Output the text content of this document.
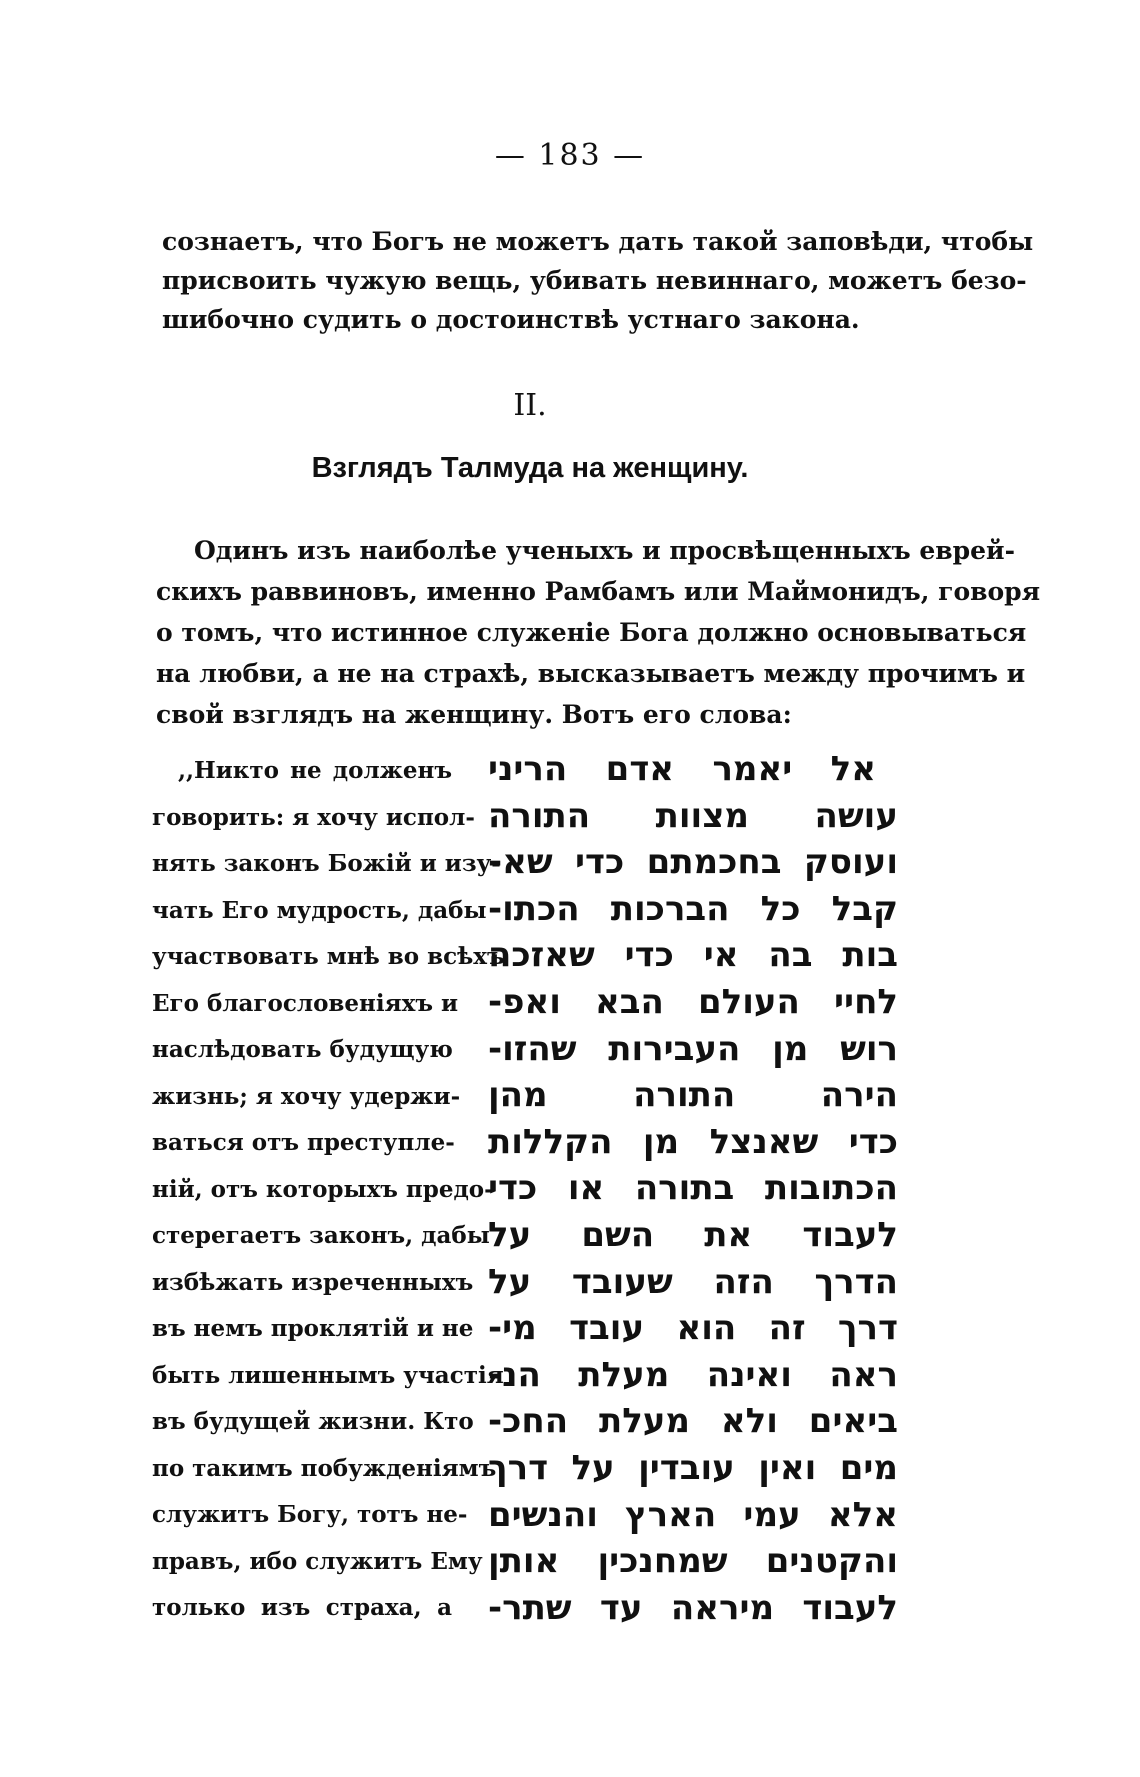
— 183 —
сознаетъ, что Богъ не можетъ дать такой заповѣди, чтобы
присвоить чужую вещь, убивать невиннаго, можетъ безо-
шибочно судить о достоинствѣ устнаго закона.
II.
Взглядъ Талмуда на женщину.
Одинъ изъ наиболѣе ученыхъ и просвѣщенныхъ еврей-
скихъ раввиновъ, именно Рамбамъ или Маймонидъ, говоря
о томъ, что истинное служеніе Бога должно основываться
на любви, а не на страхѣ, высказываетъ между прочимъ и
свой взглядъ на женщину. Вотъ его слова:
,,Никто не долженъ
говорить: я хочу испол-
нять законъ Божій и изу-
чать Его мудрость, дабы
участвовать мнѣ во всѣхъ
Его благословеніяхъ и
наслѣдовать будущую
жизнь; я хочу удержи-
ваться отъ преступле-
ній, отъ которыхъ предо-
стерегаетъ законъ, дабы
избѣжать изреченныхъ
въ немъ проклятій и не
быть лишеннымъ участія
въ будущей жизни. Кто
по такимъ побужденіямъ
служитъ Богу, тотъ не-
правъ, ибо служитъ Ему
только изъ страха, а
אל יאמר אדם הריני
עושה מצוות התורה
ועוסק בחכמתם כדי שא-
קבל כל הברכות הכתו-
בות בה אי כדי שאזכה
לחיי העולם הבא ואפ-
רוש מן העבירות שהזו-
הירה התורה מהן
כדי שאנצל מן הקללות
הכתובות בתורה או כדי
לעבוד את השם על
הדרך הזה שעובד על
דרך זה הוא עובד מי-
ראה ואינה מעלת הנ-
ביאים ולא מעלת החכ-
מים ואין עובדין על דרך
אלא עמי הארץ והנשים
והקטנים שמחנכין אותן
לעבוד מיראה עד שתר-
